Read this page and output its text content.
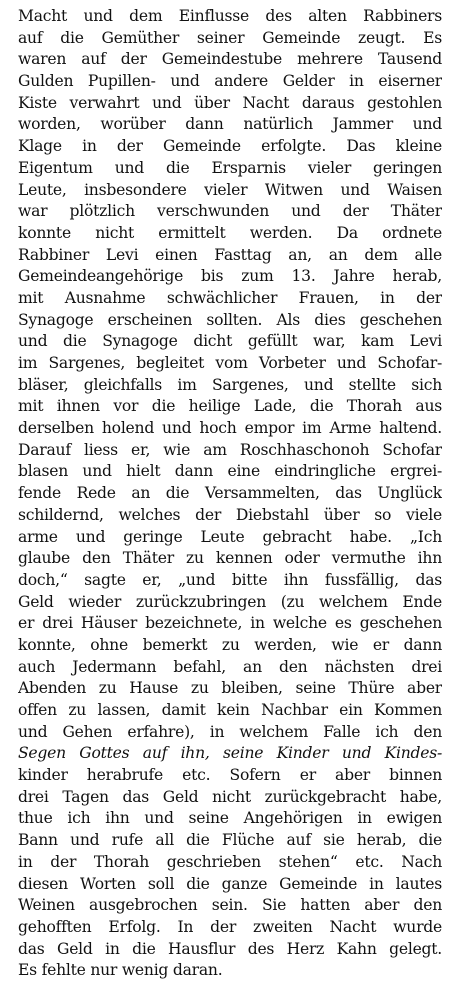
Macht und dem Einflusse des alten Rabbiners
auf die Gemüther seiner Gemeinde zeugt. Es
waren auf der Gemeindestube mehrere Tausend
Gulden Pupillen- und andere Gelder in eiserner
Kiste verwahrt und über Nacht daraus gestohlen
worden, worüber dann natürlich Jammer und
Klage in der Gemeinde erfolgte. Das kleine
Eigentum und die Ersparnis vieler geringen
Leute, insbesondere vieler Witwen und Waisen
war plötzlich verschwunden und der Thäter
konnte nicht ermittelt werden. Da ordnete
Rabbiner Levi einen Fasttag an, an dem alle
Gemeindeangehörige bis zum 13. Jahre herab,
mit Ausnahme schwächlicher Frauen, in der
Synagoge erscheinen sollten. Als dies geschehen
und die Synagoge dicht gefüllt war, kam Levi
im Sargenes, begleitet vom Vorbeter und Schofar-
bläser, gleichfalls im Sargenes, und stellte sich
mit ihnen vor die heilige Lade, die Thorah aus
derselben holend und hoch empor im Arme haltend.
Darauf liess er, wie am Roschhaschonoh Schofar
blasen und hielt dann eine eindringliche ergrei-
fende Rede an die Versammelten, das Unglück
schildernd, welches der Diebstahl über so viele
arme und geringe Leute gebracht habe. „Ich
glaube den Thäter zu kennen oder vermuthe ihn
doch,“ sagte er, „und bitte ihn fussfällig, das
Geld wieder zurückzubringen (zu welchem Ende
er drei Häuser bezeichnete, in welche es geschehen
konnte, ohne bemerkt zu werden, wie er dann
auch Jedermann befahl, an den nächsten drei
Abenden zu Hause zu bleiben, seine Thüre aber
offen zu lassen, damit kein Nachbar ein Kommen
und Gehen erfahre), in welchem Falle ich den
Segen Gottes auf ihn, seine Kinder und Kindes-
kinder herabrufe etc. Sofern er aber binnen
drei Tagen das Geld nicht zurückgebracht habe,
thue ich ihn und seine Angehörigen in ewigen
Bann und rufe all die Flüche auf sie herab, die
in der Thorah geschrieben stehen“ etc. Nach
diesen Worten soll die ganze Gemeinde in lautes
Weinen ausgebrochen sein. Sie hatten aber den
gehofften Erfolg. In der zweiten Nacht wurde
das Geld in die Hausflur des Herz Kahn gelegt.
Es fehlte nur wenig daran.
